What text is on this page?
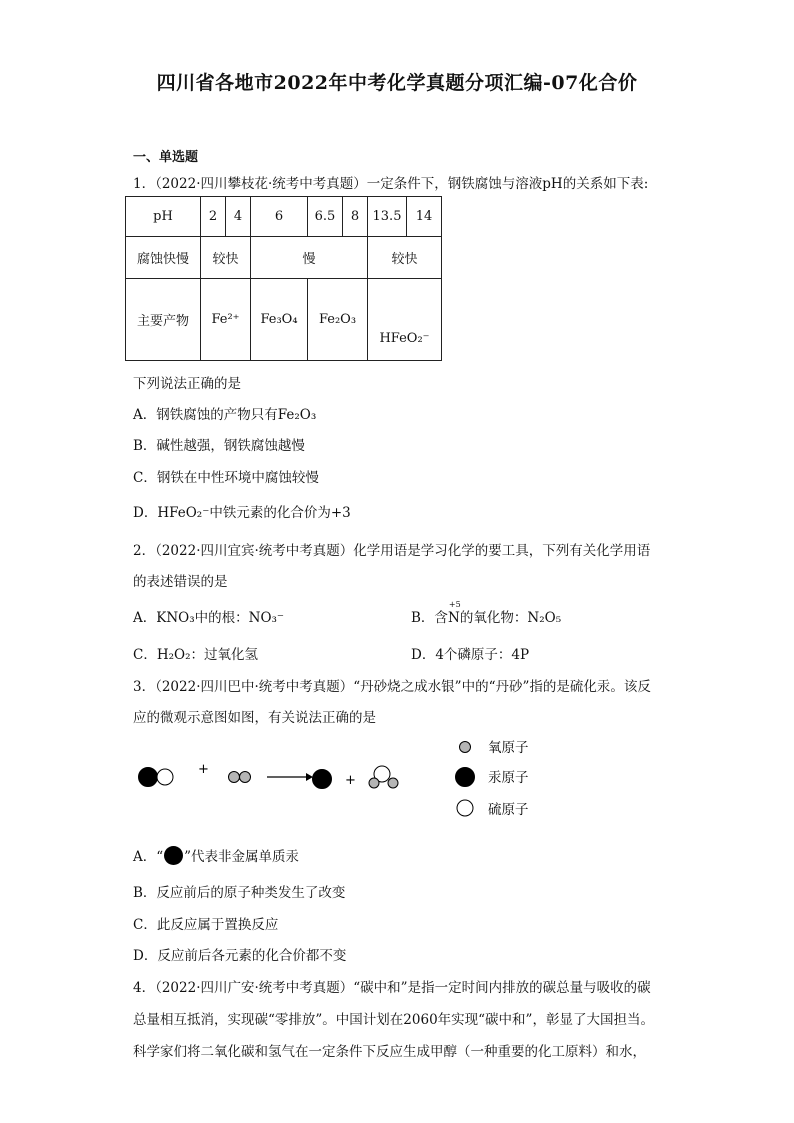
四川省各地市2022年中考化学真题分项汇编-07化合价
一、单选题
1．（2022·四川攀枝花·统考中考真题）一定条件下，钢铁腐蚀与溶液pH的关系如下表:
pH	2	4	6	6.5	8	13.5	14
腐蚀快慢	较快		慢			较快	
主要产物	Fe²⁺		Fe₃O₄	Fe₂O₃		HFeO₂⁻	
下列说法正确的是
A．钢铁腐蚀的产物只有Fe₂O₃
B．碱性越强，钢铁腐蚀越慢
C．钢铁在中性环境中腐蚀较慢
D．HFeO₂⁻中铁元素的化合价为+3
2．（2022·四川宜宾·统考中考真题）化学用语是学习化学的要工具，下列有关化学用语
的表述错误的是
A．KNO₃中的根：NO₃⁻	B．含
+5
N的氧化物：N₂O₅
C．H₂O₂：过氧化氢	D．4个磷原子：4P
3．（2022·四川巴中·统考中考真题）“丹砂烧之成水银”中的“丹砂”指的是硫化汞。该反
应的微观示意图如图，有关说法正确的是
+
+
氧原子
汞原子
硫原子
A．“ ”代表非金属单质汞
B．反应前后的原子种类发生了改变
C．此反应属于置换反应
D．反应前后各元素的化合价都不变
4．（2022·四川广安·统考中考真题）“碳中和”是指一定时间内排放的碳总量与吸收的碳
总量相互抵消，实现碳“零排放”。中国计划在2060年实现“碳中和”，彰显了大国担当。
科学家们将二氧化碳和氢气在一定条件下反应生成甲醇（一种重要的化工原料）和水，
